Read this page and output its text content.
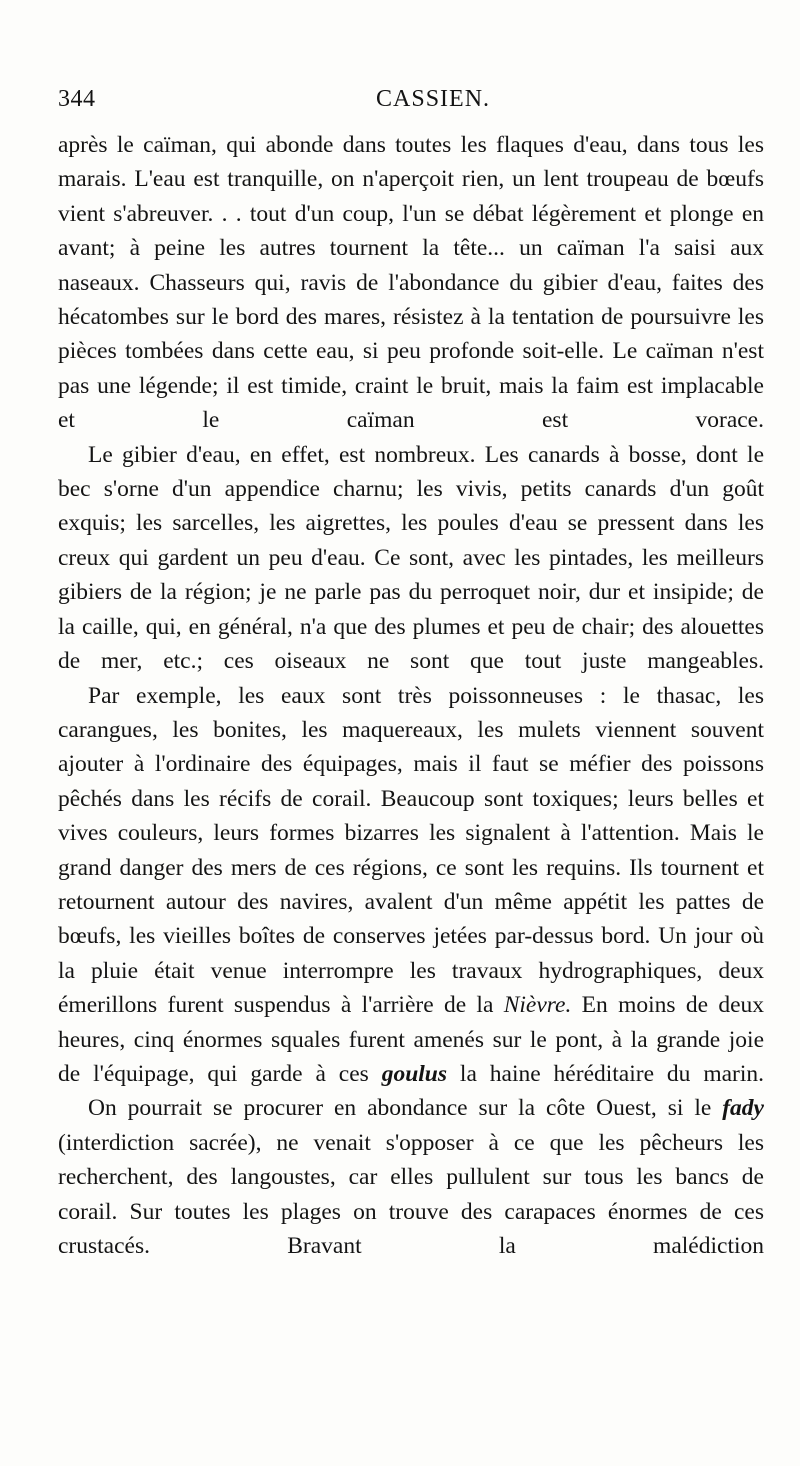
344	CASSIEN.

après le caïman, qui abonde dans toutes les flaques d'eau, dans tous les marais. L'eau est tranquille, on n'aperçoit rien, un lent troupeau de bœufs vient s'abreuver. . . tout d'un coup, l'un se débat légèrement et plonge en avant; à peine les autres tournent la tête... un caïman l'a saisi aux naseaux. Chasseurs qui, ravis de l'abondance du gibier d'eau, faites des hécatombes sur le bord des mares, résistez à la tentation de poursuivre les pièces tombées dans cette eau, si peu profonde soit-elle. Le caïman n'est pas une légende; il est timide, craint le bruit, mais la faim est implacable et le caïman est vorace.

Le gibier d'eau, en effet, est nombreux. Les canards à bosse, dont le bec s'orne d'un appendice charnu; les vivis, petits canards d'un goût exquis; les sarcelles, les aigrettes, les poules d'eau se pressent dans les creux qui gardent un peu d'eau. Ce sont, avec les pintades, les meilleurs gibiers de la région; je ne parle pas du perroquet noir, dur et insipide; de la caille, qui, en général, n'a que des plumes et peu de chair; des alouettes de mer, etc.; ces oiseaux ne sont que tout juste mangeables.

Par exemple, les eaux sont très poissonneuses : le thasac, les carangues, les bonites, les maquereaux, les mulets viennent souvent ajouter à l'ordinaire des équipages, mais il faut se méfier des poissons pêchés dans les récifs de corail. Beaucoup sont toxiques; leurs belles et vives couleurs, leurs formes bizarres les signalent à l'attention. Mais le grand danger des mers de ces régions, ce sont les requins. Ils tournent et retournent autour des navires, avalent d'un même appétit les pattes de bœufs, les vieilles boîtes de conserves jetées par-dessus bord. Un jour où la pluie était venue interrompre les travaux hydrographiques, deux émerillons furent suspendus à l'arrière de la Nièvre. En moins de deux heures, cinq énormes squales furent amenés sur le pont, à la grande joie de l'équipage, qui garde à ces goulus la haine héréditaire du marin.

On pourrait se procurer en abondance sur la côte Ouest, si le fady (interdiction sacrée), ne venait s'opposer à ce que les pêcheurs les recherchent, des langoustes, car elles pullulent sur tous les bancs de corail. Sur toutes les plages on trouve des carapaces énormes de ces crustacés. Bravant la malédiction
